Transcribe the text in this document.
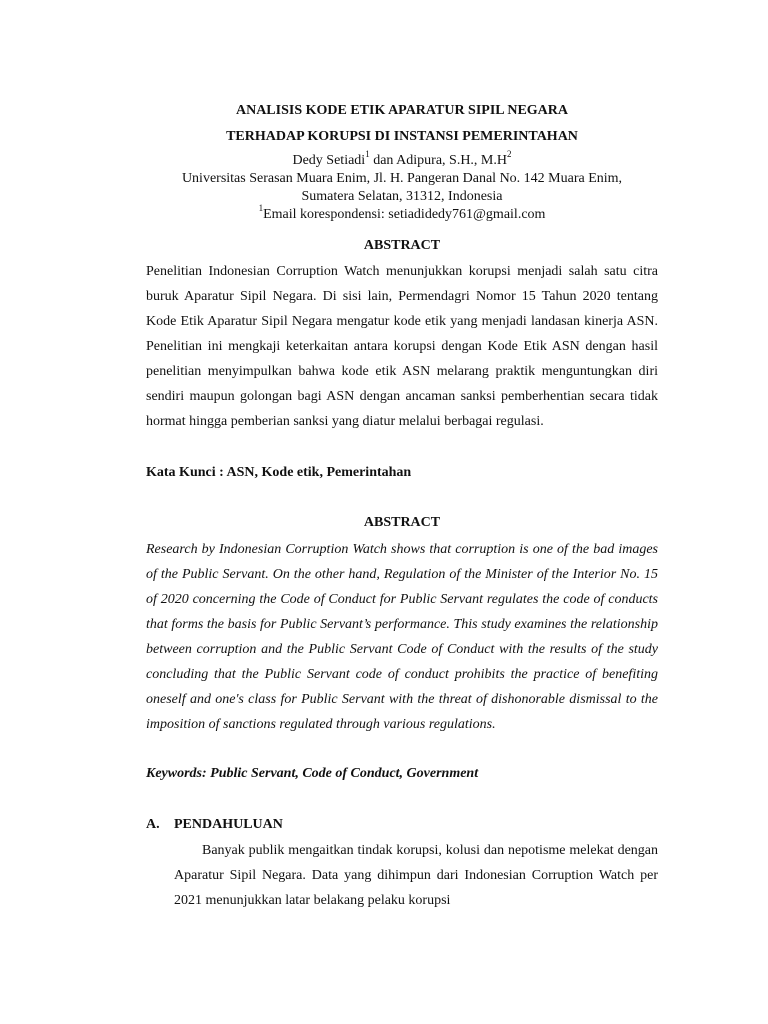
ANALISIS KODE ETIK APARATUR SIPIL NEGARA
TERHADAP KORUPSI DI INSTANSI PEMERINTAHAN
Dedy Setiadi$^1$ dan Adipura, S.H., $M.H^2$
Universitas Serasan Muara Enim, Jl. H. Pangeran Danal No. 142 Muara Enim,
Sumatera Selatan, 31312, Indonesia
$^1$Email korespondensi: setiadidedy761@gmail.com
ABSTRACT
Penelitian Indonesian Corruption Watch menunjukkan korupsi menjadi salah satu citra buruk Aparatur Sipil Negara. Di sisi lain, Permendagri Nomor 15 Tahun 2020 tentang Kode Etik Aparatur Sipil Negara mengatur kode etik yang menjadi landasan kinerja ASN. Penelitian ini mengkaji keterkaitan antara korupsi dengan Kode Etik ASN dengan hasil penelitian menyimpulkan bahwa kode etik ASN melarang praktik menguntungkan diri sendiri maupun golongan bagi ASN dengan ancaman sanksi pemberhentian secara tidak hormat hingga pemberian sanksi yang diatur melalui berbagai regulasi.
Kata Kunci : ASN, Kode etik, Pemerintahan
ABSTRACT
Research by Indonesian Corruption Watch shows that corruption is one of the bad images of the Public Servant. On the other hand, Regulation of the Minister of the Interior No. 15 of 2020 concerning the Code of Conduct for Public Servant regulates the code of conducts that forms the basis for Public Servant’s performance. This study examines the relationship between corruption and the Public Servant Code of Conduct with the results of the study concluding that the Public Servant code of conduct prohibits the practice of benefiting oneself and one's class for Public Servant with the threat of dishonorable dismissal to the imposition of sanctions regulated through various regulations.
Keywords: Public Servant, Code of Conduct, Government
A. PENDAHULUAN
Banyak publik mengaitkan tindak korupsi, kolusi dan nepotisme melekat dengan Aparatur Sipil Negara. Data yang dihimpun dari Indonesian Corruption Watch per 2021 menunjukkan latar belakang pelaku korupsi
